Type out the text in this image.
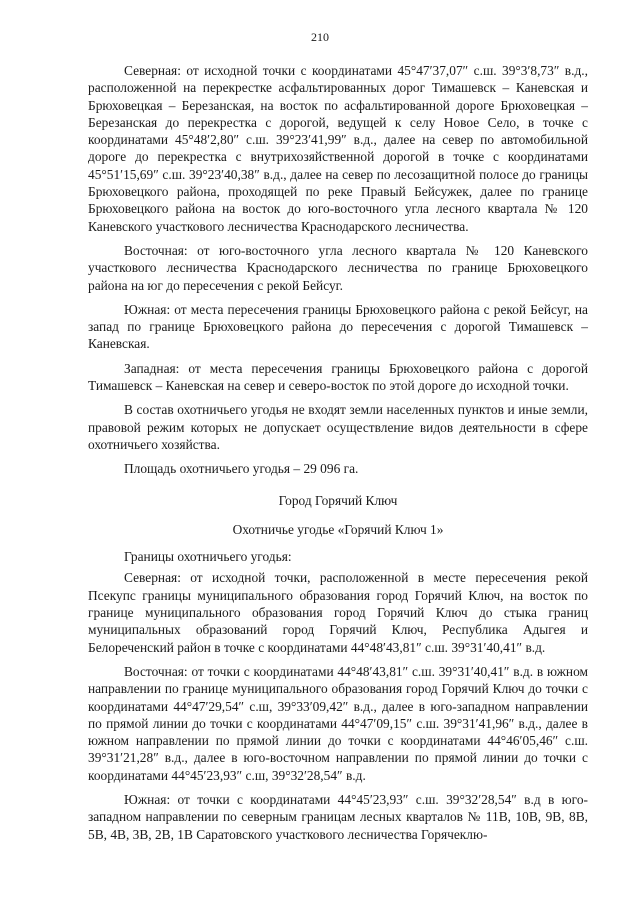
210

Северная: от исходной точки с координатами 45°47′37,07″ с.ш. 39°3′8,73″ в.д., расположенной на перекрестке асфальтированных дорог Тимашевск – Каневская и Брюховецкая – Березанская, на восток по асфальтированной дороге Брюховецкая – Березанская до перекрестка с дорогой, ведущей к селу Новое Село, в точке с координатами 45°48′2,80″ с.ш. 39°23′41,99″ в.д., далее на север по автомобильной дороге до перекрестка с внутрихозяйственной дорогой в точке с координатами 45°51′15,69″ с.ш. 39°23′40,38″ в.д., далее на север по лесозащитной полосе до границы Брюховецкого района, проходящей по реке Правый Бейсужек, далее по границе Брюховецкого района на восток до юго-восточного угла лесного квартала № 120 Каневского участкового лесничества Краснодарского лесничества.

Восточная: от юго-восточного угла лесного квартала № 120 Каневского участкового лесничества Краснодарского лесничества по границе Брюховецкого района на юг до пересечения с рекой Бейсуг.

Южная: от места пересечения границы Брюховецкого района с рекой Бейсуг, на запад по границе Брюховецкого района до пересечения с дорогой Тимашевск – Каневская.

Западная: от места пересечения границы Брюховецкого района с дорогой Тимашевск – Каневская на север и северо-восток по этой дороге до исходной точки.

В состав охотничьего угодья не входят земли населенных пунктов и иные земли, правовой режим которых не допускает осуществление видов деятельности в сфере охотничьего хозяйства.

Площадь охотничьего угодья – 29 096 га.

Город Горячий Ключ
Охотничье угодье «Горячий Ключ 1»

Границы охотничьего угодья:

Северная: от исходной точки, расположенной в месте пересечения рекой Псекупс границы муниципального образования город Горячий Ключ, на восток по границе муниципального образования город Горячий Ключ до стыка границ муниципальных образований город Горячий Ключ, Республика Адыгея и Белореченский район в точке с координатами 44°48′43,81″ с.ш. 39°31′40,41″ в.д.

Восточная: от точки с координатами 44°48′43,81″ с.ш. 39°31′40,41″ в.д. в южном направлении по границе муниципального образования город Горячий Ключ до точки с координатами 44°47′29,54″ с.ш, 39°33′09,42″ в.д., далее в юго-западном направлении по прямой линии до точки с координатами 44°47′09,15″ с.ш. 39°31′41,96″ в.д., далее в южном направлении по прямой линии до точки с координатами 44°46′05,46″ с.ш. 39°31′21,28″ в.д., далее в юго-восточном направлении по прямой линии до точки с координатами 44°45′23,93″ с.ш, 39°32′28,54″ в.д.

Южная: от точки с координатами 44°45′23,93″ с.ш. 39°32′28,54″ в.д в юго-западном направлении по северным границам лесных кварталов № 11В, 10В, 9В, 8В, 5В, 4В, 3В, 2В, 1В Саратовского участкового лесничества Горячеклю-
